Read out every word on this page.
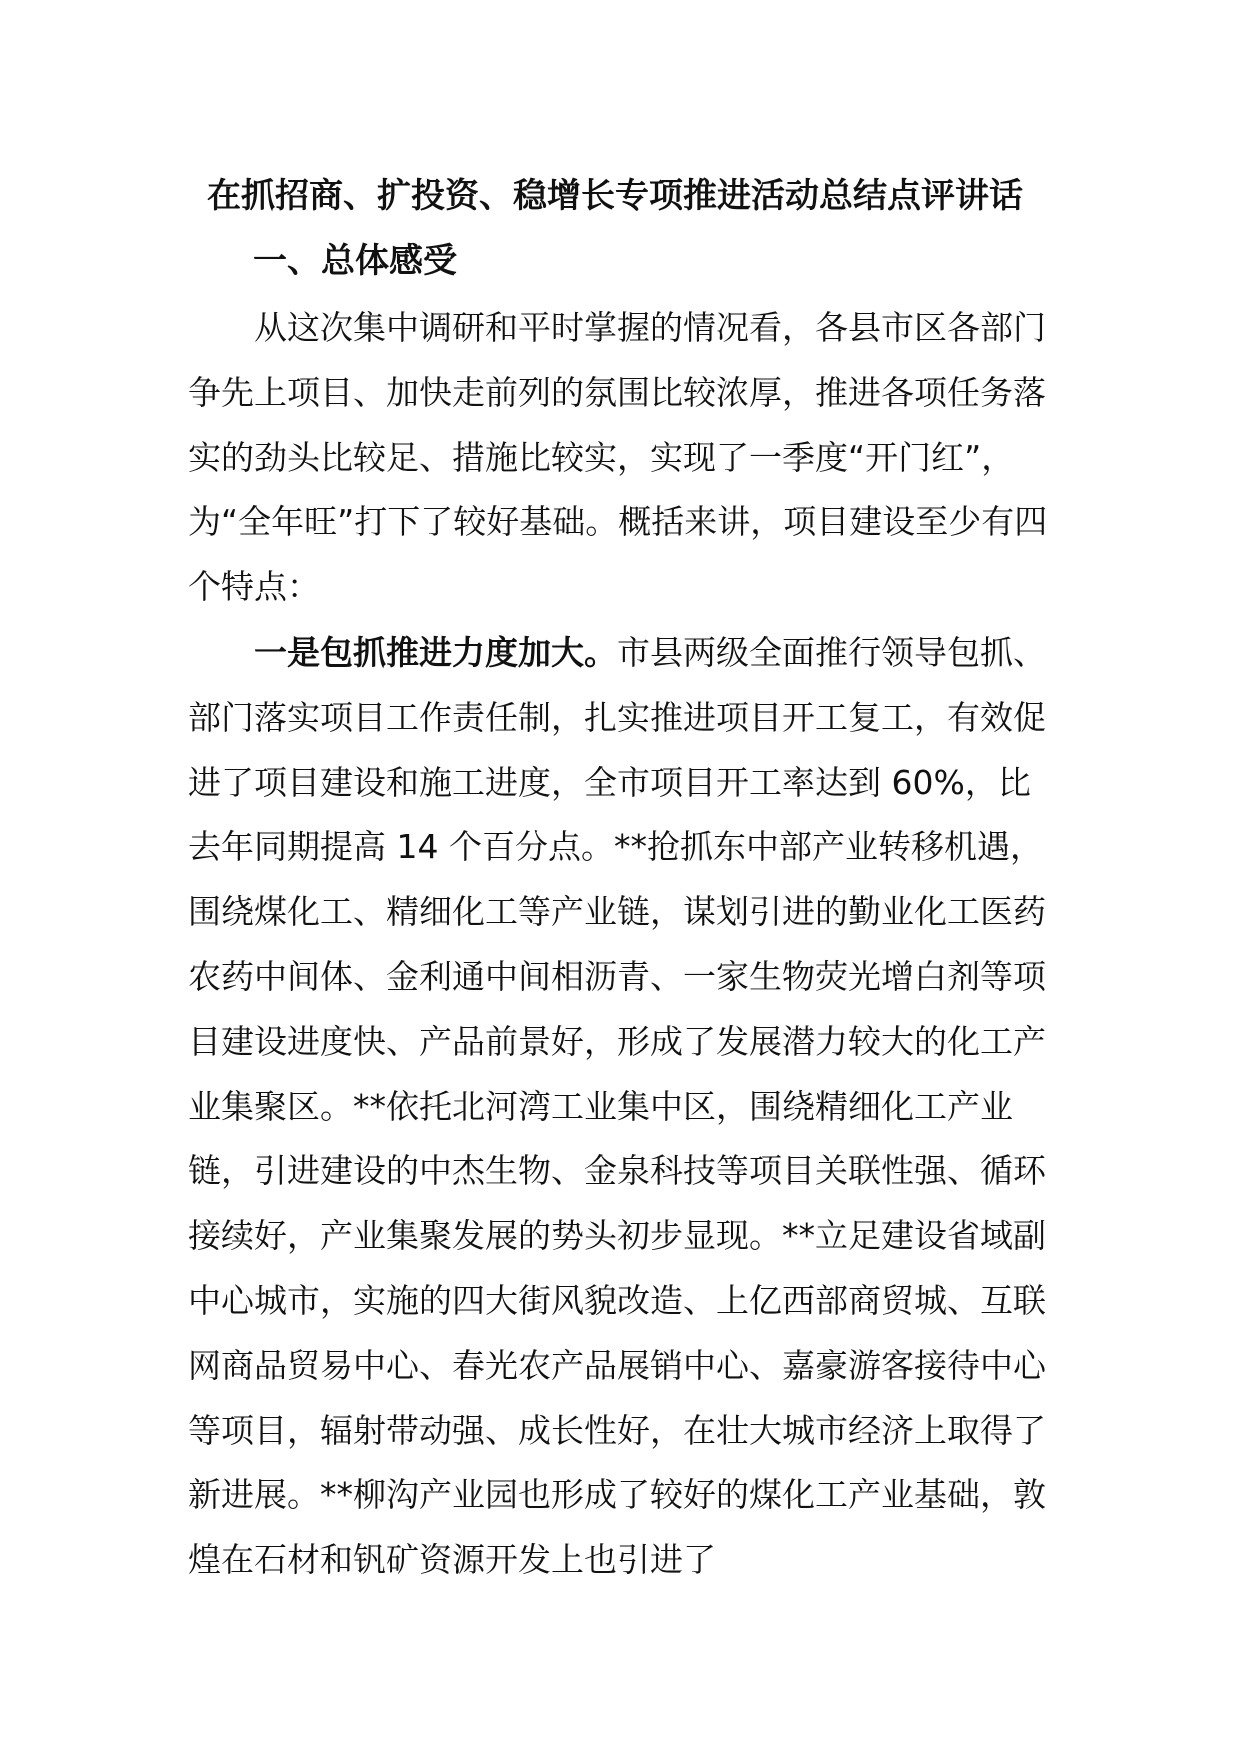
在抓招商、扩投资、稳增长专项推进活动总结点评讲话
一、总体感受

从这次集中调研和平时掌握的情况看，各县市区各部门争先上项目、加快走前列的氛围比较浓厚，推进各项任务落实的劲头比较足、措施比较实，实现了一季度“开门红”，为“全年旺”打下了较好基础。概括来讲，项目建设至少有四个特点：

一是包抓推进力度加大。市县两级全面推行领导包抓、部门落实项目工作责任制，扎实推进项目开工复工，有效促进了项目建设和施工进度，全市项目开工率达到 60%，比去年同期提高 14 个百分点。**抢抓东中部产业转移机遇，围绕煤化工、精细化工等产业链，谋划引进的勤业化工医药农药中间体、金利通中间相沥青、一家生物荧光增白剂等项目建设进度快、产品前景好，形成了发展潜力较大的化工产业集聚区。**依托北河湾工业集中区，围绕精细化工产业链，引进建设的中杰生物、金泉科技等项目关联性强、循环接续好，产业集聚发展的势头初步显现。**立足建设省域副中心城市，实施的四大街风貌改造、上亿西部商贸城、互联网商品贸易中心、春光农产品展销中心、嘉豪游客接待中心等项目，辐射带动强、成长性好，在壮大城市经济上取得了新进展。**柳沟产业园也形成了较好的煤化工产业基础，敦煌在石材和钒矿资源开发上也引进了
